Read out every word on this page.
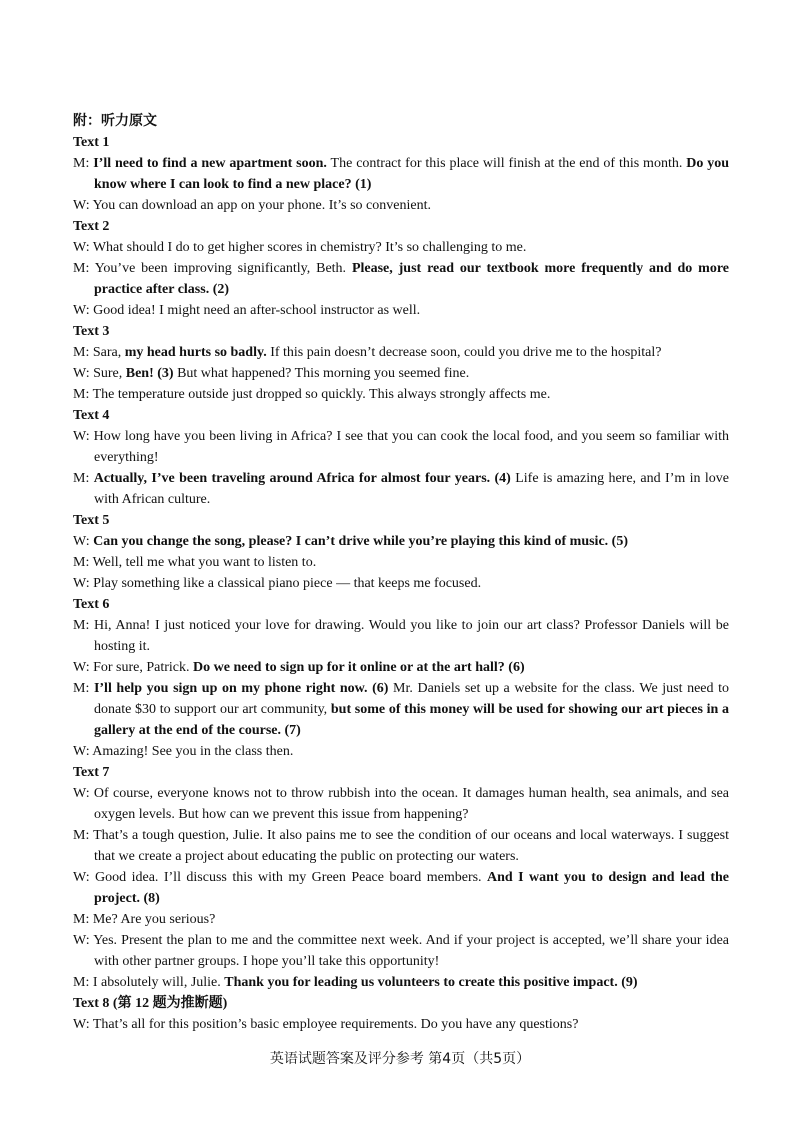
附：听力原文
Text 1
M: I’ll need to find a new apartment soon. The contract for this place will finish at the end of this month. Do you know where I can look to find a new place? (1)
W: You can download an app on your phone. It’s so convenient.
Text 2
W: What should I do to get higher scores in chemistry? It’s so challenging to me.
M: You’ve been improving significantly, Beth. Please, just read our textbook more frequently and do more practice after class. (2)
W: Good idea! I might need an after-school instructor as well.
Text 3
M: Sara, my head hurts so badly. If this pain doesn’t decrease soon, could you drive me to the hospital?
W: Sure, Ben! (3) But what happened? This morning you seemed fine.
M: The temperature outside just dropped so quickly. This always strongly affects me.
Text 4
W: How long have you been living in Africa? I see that you can cook the local food, and you seem so familiar with everything!
M: Actually, I’ve been traveling around Africa for almost four years. (4) Life is amazing here, and I’m in love with African culture.
Text 5
W: Can you change the song, please? I can’t drive while you’re playing this kind of music. (5)
M: Well, tell me what you want to listen to.
W: Play something like a classical piano piece — that keeps me focused.
Text 6
M: Hi, Anna! I just noticed your love for drawing. Would you like to join our art class? Professor Daniels will be hosting it.
W: For sure, Patrick. Do we need to sign up for it online or at the art hall? (6)
M: I’ll help you sign up on my phone right now. (6) Mr. Daniels set up a website for the class. We just need to donate $30 to support our art community, but some of this money will be used for showing our art pieces in a gallery at the end of the course. (7)
W: Amazing! See you in the class then.
Text 7
W: Of course, everyone knows not to throw rubbish into the ocean. It damages human health, sea animals, and sea oxygen levels. But how can we prevent this issue from happening?
M: That’s a tough question, Julie. It also pains me to see the condition of our oceans and local waterways. I suggest that we create a project about educating the public on protecting our waters.
W: Good idea. I’ll discuss this with my Green Peace board members. And I want you to design and lead the project. (8)
M: Me? Are you serious?
W: Yes. Present the plan to me and the committee next week. And if your project is accepted, we’ll share your idea with other partner groups. I hope you’ll take this opportunity!
M: I absolutely will, Julie. Thank you for leading us volunteers to create this positive impact. (9)
Text 8 (第 12 题为推断题)
W: That’s all for this position’s basic employee requirements. Do you have any questions?
英语试题答案及评分参考 第4页（共5页）
